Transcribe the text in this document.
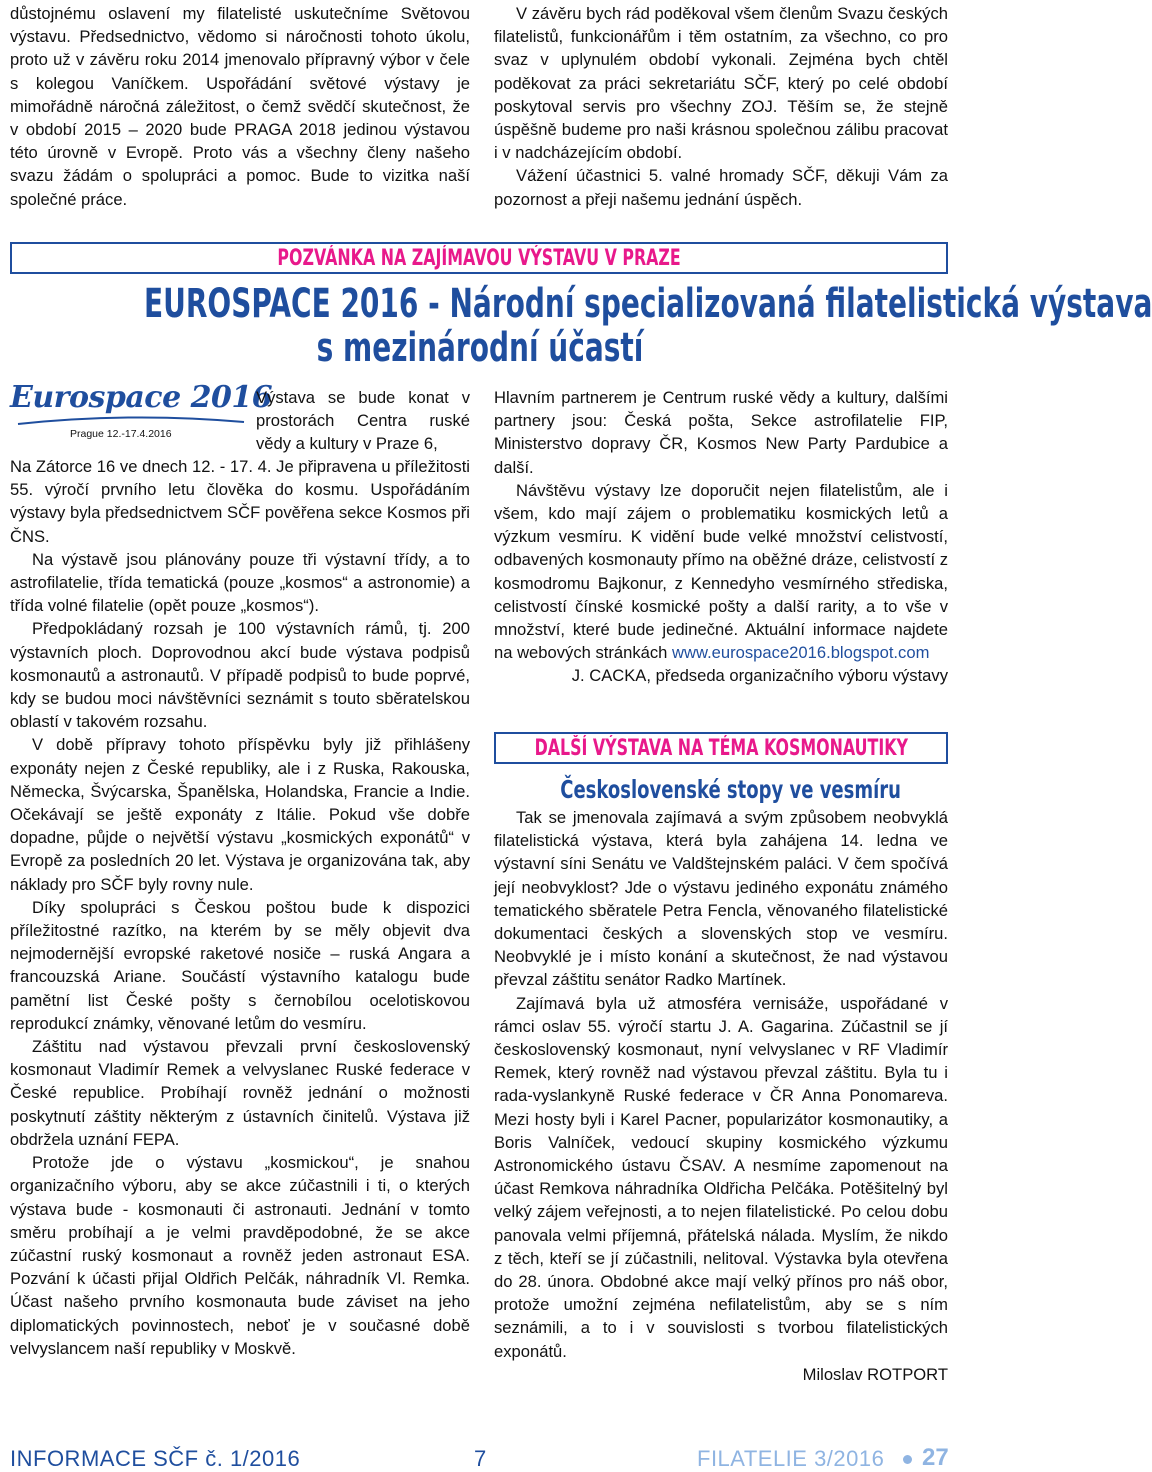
důstojnému oslavení my filatelisté uskutečníme Světovou výstavu. Předsednictvo, vědomo si náročnosti tohoto úkolu, proto už v závěru roku 2014 jmenovalo přípravný výbor v čele s kolegou Vaníčkem. Uspořádání světové výstavy je mimořádně náročná záležitost, o čemž svědčí skutečnost, že v období 2015 – 2020 bude PRAGA 2018 jedinou výstavou této úrovně v Evropě. Proto vás a všechny členy našeho svazu žádám o spolupráci a pomoc. Bude to vizitka naší společné práce.

V závěru bych rád poděkoval všem členům Svazu českých filatelistů, funkcionářům i těm ostatním, za všechno, co pro svaz v uplynulém období vykonali. Zejména bych chtěl poděkovat za práci sekretariátu SČF, který po celé období poskytoval servis pro všechny ZOJ. Těším se, že stejně úspěšně budeme pro naši krásnou společnou zálibu pracovat i v nadcházejícím období.

Vážení účastnici 5. valné hromady SČF, děkuji Vám za pozornost a přeji našemu jednání úspěch.

POZVÁNKA NA ZAJÍMAVOU VÝSTAVU V PRAZE
EUROSPACE 2016 - Národní specializovaná filatelistická výstava
s mezinárodní účastí
Eurospace 2016
Prague 12.-17.4.2016

Výstava se bude konat v prostorách Centra ruské vědy a kultury v Praze 6,

Na Zátorce 16 ve dnech 12. - 17. 4. Je připravena u příležitosti 55. výročí prvního letu člověka do kosmu. Uspořádáním výstavy byla předsednictvem SČF pověřena sekce Kosmos při ČNS.

Na výstavě jsou plánovány pouze tři výstavní třídy, a to astrofilatelie, třída tematická (pouze „kosmos“ a astronomie) a třída volné filatelie (opět pouze „kosmos“).

Předpokládaný rozsah je 100 výstavních rámů, tj. 200 výstavních ploch. Doprovodnou akcí bude výstava podpisů kosmonautů a astronautů. V případě podpisů to bude poprvé, kdy se budou moci návštěvníci seznámit s touto sběratelskou oblastí v takovém rozsahu.

V době přípravy tohoto příspěvku byly již přihlášeny exponáty nejen z České republiky, ale i z Ruska, Rakouska, Německa, Švýcarska, Španělska, Holandska, Francie a Indie. Očekávají se ještě exponáty z Itálie. Pokud vše dobře dopadne, půjde o největší výstavu „kosmických exponátů“ v Evropě za posledních 20 let. Výstava je organizována tak, aby náklady pro SČF byly rovny nule.

Díky spolupráci s Českou poštou bude k dispozici příležitostné razítko, na kterém by se měly objevit dva nejmodernější evropské raketové nosiče – ruská Angara a francouzská Ariane. Součástí výstavního katalogu bude pamětní list České pošty s černobílou ocelotiskovou reprodukcí známky, věnované letům do vesmíru.

Záštitu nad výstavou převzali první československý kosmonaut Vladimír Remek a velvyslanec Ruské federace v České republice. Probíhají rovněž jednání o možnosti poskytnutí záštity některým z ústavních činitelů. Výstava již obdržela uznání FEPA.

Protože jde o výstavu „kosmickou“, je snahou organizačního výboru, aby se akce zúčastnili i ti, o kterých výstava bude - kosmonauti či astronauti. Jednání v tomto směru probíhají a je velmi pravděpodobné, že se akce zúčastní ruský kosmonaut a rovněž jeden astronaut ESA. Pozvání k účasti přijal Oldřich Pelčák, náhradník Vl. Remka. Účast našeho prvního kosmonauta bude záviset na jeho diplomatických povinnostech, neboť je v současné době velvyslancem naší republiky v Moskvě.

Hlavním partnerem je Centrum ruské vědy a kultury, dalšími partnery jsou: Česká pošta, Sekce astrofilatelie FIP, Ministerstvo dopravy ČR, Kosmos New Party Pardubice a další.

Návštěvu výstavy lze doporučit nejen filatelistům, ale i všem, kdo mají zájem o problematiku kosmických letů a výzkum vesmíru. K vidění bude velké množství celistvostí, odbavených kosmonauty přímo na oběžné dráze, celistvostí z kosmodromu Bajkonur, z Kennedyho vesmírného střediska, celistvostí čínské kosmické pošty a další rarity, a to vše v množství, které bude jedinečné. Aktuální informace najdete na webových stránkách www.eurospace2016.blogspot.com

J. CACKA, předseda organizačního výboru výstavy

DALŠÍ VÝSTAVA NA TÉMA KOSMONAUTIKY
Československé stopy ve vesmíru

Tak se jmenovala zajímavá a svým způsobem neobvyklá filatelistická výstava, která byla zahájena 14. ledna ve výstavní síni Senátu ve Valdštejnském paláci. V čem spočívá její neobvyklost? Jde o výstavu jediného exponátu známého tematického sběratele Petra Fencla, věnovaného filatelistické dokumentaci českých a slovenských stop ve vesmíru. Neobvyklé je i místo konání a skutečnost, že nad výstavou převzal záštitu senátor Radko Martínek.

Zajímavá byla už atmosféra vernisáže, uspořádané v rámci oslav 55. výročí startu J. A. Gagarina. Zúčastnil se jí československý kosmonaut, nyní velvyslanec v RF Vladimír Remek, který rovněž nad výstavou převzal záštitu. Byla tu i rada-vyslankyně Ruské federace v ČR Anna Ponomareva. Mezi hosty byli i Karel Pacner, popularizátor kosmonautiky, a Boris Valníček, vedoucí skupiny kosmického výzkumu Astronomického ústavu ČSAV. A nesmíme zapomenout na účast Remkova náhradníka Oldřicha Pelčáka. Potěšitelný byl velký zájem veřejnosti, a to nejen filatelistické. Po celou dobu panovala velmi příjemná, přátelská nálada. Myslím, že nikdo z těch, kteří se jí zúčastnili, nelitoval. Výstavka byla otevřena do 28. února. Obdobné akce mají velký přínos pro náš obor, protože umožní zejména nefilatelistům, aby se s ním seznámili, a to i v souvislosti s tvorbou filatelistických exponátů.

Miloslav ROTPORT

INFORMACE SČF č. 1/2016	7	FILATELIE 3/2016 27
